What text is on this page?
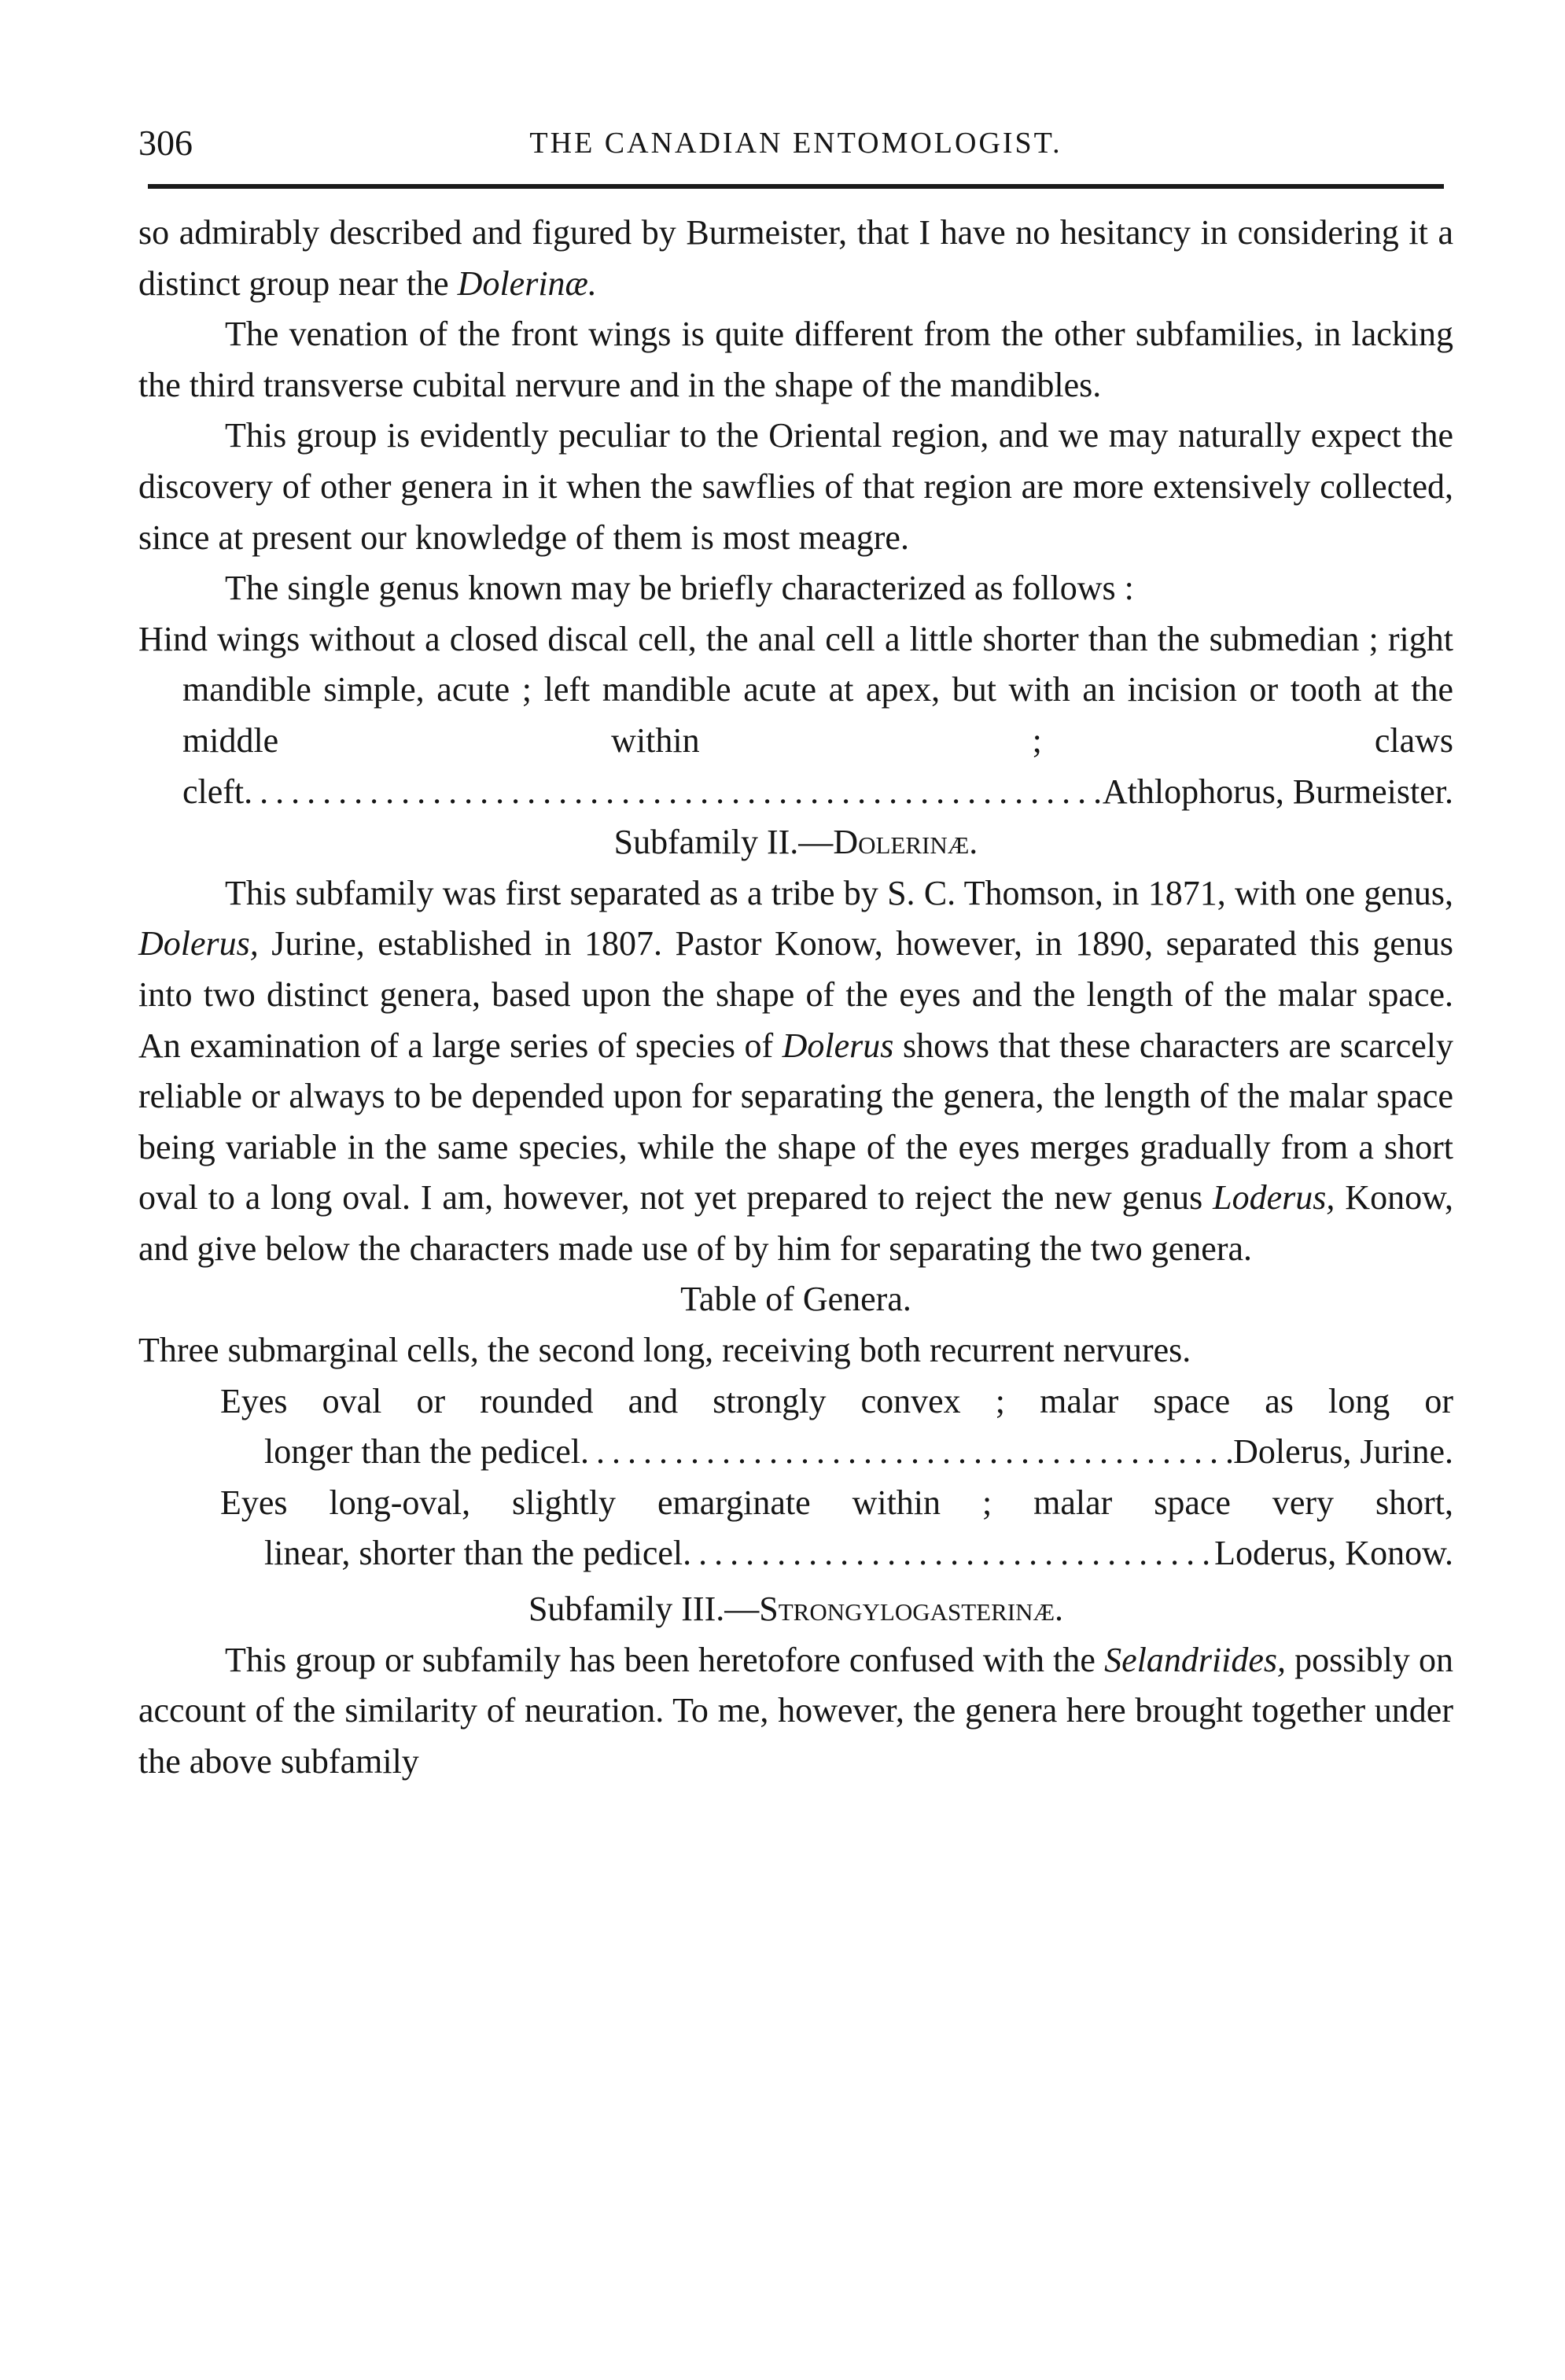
306	THE CANADIAN ENTOMOLOGIST.

so admirably described and figured by Burmeister, that I have no hesitancy in considering it a distinct group near the Dolerinæ.

The venation of the front wings is quite different from the other subfamilies, in lacking the third transverse cubital nervure and in the shape of the mandibles.

This group is evidently peculiar to the Oriental region, and we may naturally expect the discovery of other genera in it when the sawflies of that region are more extensively collected, since at present our knowledge of them is most meagre.

The single genus known may be briefly characterized as follows :

Hind wings without a closed discal cell, the anal cell a little shorter than the submedian ; right mandible simple, acute ; left mandible acute at apex, but with an incision or tooth at the middle within ; claws

cleft . . .	Athlophorus, Burmeister.

Subfamily II.—Dolerinæ.

This subfamily was first separated as a tribe by S. C. Thomson, in 1871, with one genus, Dolerus, Jurine, established in 1807. Pastor Konow, however, in 1890, separated this genus into two distinct genera, based upon the shape of the eyes and the length of the malar space. An examination of a large series of species of Dolerus shows that these characters are scarcely reliable or always to be depended upon for separating the genera, the length of the malar space being variable in the same species, while the shape of the eyes merges gradually from a short oval to a long oval. I am, however, not yet prepared to reject the new genus Loderus, Konow, and give below the characters made use of by him for separating the two genera.

Table of Genera.

Three submarginal cells, the second long, receiving both recurrent nervures.

Eyes oval or rounded and strongly convex ; malar space as long or

longer than the pedicel . . .	Dolerus, Jurine.

Eyes long-oval, slightly emarginate within ; malar space very short,

linear, shorter than the pedicel . . .	Loderus, Konow.

Subfamily III.—Strongylogasterinæ.

This group or subfamily has been heretofore confused with the Selandriides, possibly on account of the similarity of neuration. To me, however, the genera here brought together under the above subfamily
